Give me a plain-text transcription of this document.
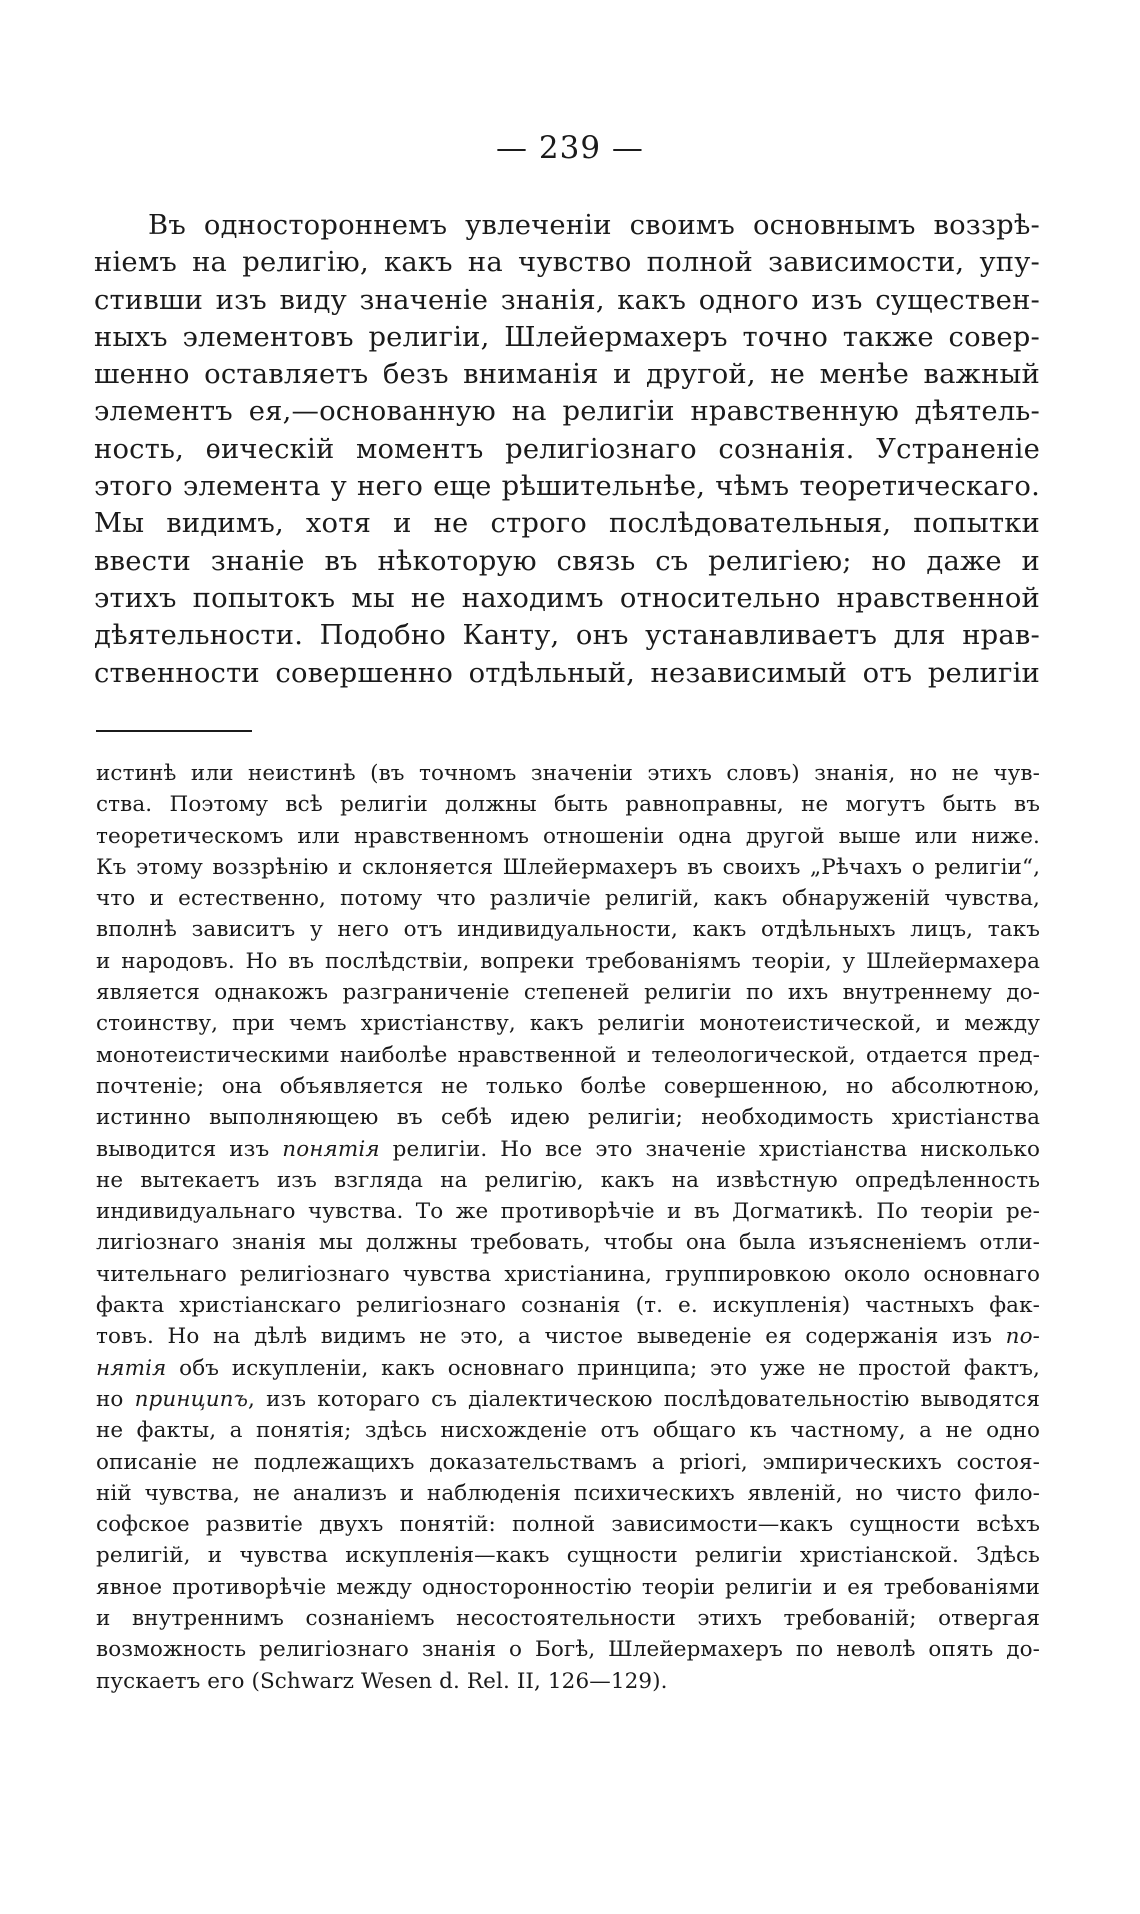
— 239 —
Въ одностороннемъ увлеченіи своимъ основнымъ воззрѣ-
ніемъ на религію, какъ на чувство полной зависимости, упу-
стивши изъ виду значеніе знанія, какъ одного изъ существен-
ныхъ элементовъ религіи, Шлейермахеръ точно также совер-
шенно оставляетъ безъ вниманія и другой, не менѣе важный
элементъ ея,—основанную на религіи нравственную дѣятель-
ность, ѳическій моментъ религіознаго сознанія. Устраненіе
этого элемента у него еще рѣшительнѣе, чѣмъ теоретическаго.
Мы видимъ, хотя и не строго послѣдовательныя, попытки
ввести знаніе въ нѣкоторую связь съ религіею; но даже и
этихъ попытокъ мы не находимъ относительно нравственной
дѣятельности. Подобно Канту, онъ устанавливаетъ для нрав-
ственности совершенно отдѣльный, независимый отъ религіи
истинѣ или неистинѣ (въ точномъ значеніи этихъ словъ) знанія, но не чув-
ства. Поэтому всѣ религіи должны быть равноправны, не могутъ быть въ
теоретическомъ или нравственномъ отношеніи одна другой выше или ниже.
Къ этому воззрѣнію и склоняется Шлейермахеръ въ своихъ „Рѣчахъ о религіи“,
что и естественно, потому что различіе религій, какъ обнаруженій чувства,
вполнѣ зависитъ у него отъ индивидуальности, какъ отдѣльныхъ лицъ, такъ
и народовъ. Но въ послѣдствіи, вопреки требованіямъ теоріи, у Шлейермахера
является однакожъ разграниченіе степеней религіи по ихъ внутреннему до-
стоинству, при чемъ христіанству, какъ религіи монотеистической, и между
монотеистическими наиболѣе нравственной и телеологической, отдается пред-
почтеніе; она объявляется не только болѣе совершенною, но абсолютною,
истинно выполняющею въ себѣ идею религіи; необходимость христіанства
выводится изъ понятія религіи. Но все это значеніе христіанства нисколько
не вытекаетъ изъ взгляда на религію, какъ на извѣстную опредѣленность
индивидуальнаго чувства. То же противорѣчіе и въ Догматикѣ. По теоріи ре-
лигіознаго знанія мы должны требовать, чтобы она была изъясненіемъ отли-
чительнаго религіознаго чувства христіанина, группировкою около основнаго
факта христіанскаго религіознаго сознанія (т. е. искупленія) частныхъ фак-
товъ. Но на дѣлѣ видимъ не это, а чистое выведеніе ея содержанія изъ по-
нятія объ искупленіи, какъ основнаго принципа; это уже не простой фактъ,
но принципъ, изъ котораго съ діалектическою послѣдовательностію выводятся
не факты, а понятія; здѣсь нисхожденіе отъ общаго къ частному, а не одно
описаніе не подлежащихъ доказательствамъ a priori, эмпирическихъ состоя-
ній чувства, не анализъ и наблюденія психическихъ явленій, но чисто фило-
софское развитіе двухъ понятій: полной зависимости—какъ сущности всѣхъ
религій, и чувства искупленія—какъ сущности религіи христіанской. Здѣсь
явное противорѣчіе между односторонностію теоріи религіи и ея требованіями
и внутреннимъ сознаніемъ несостоятельности этихъ требованій; отвергая
возможность религіознаго знанія о Богѣ, Шлейермахеръ по неволѣ опять до-
пускаетъ его (Schwarz Wesen d. Rel. II, 126—129).
